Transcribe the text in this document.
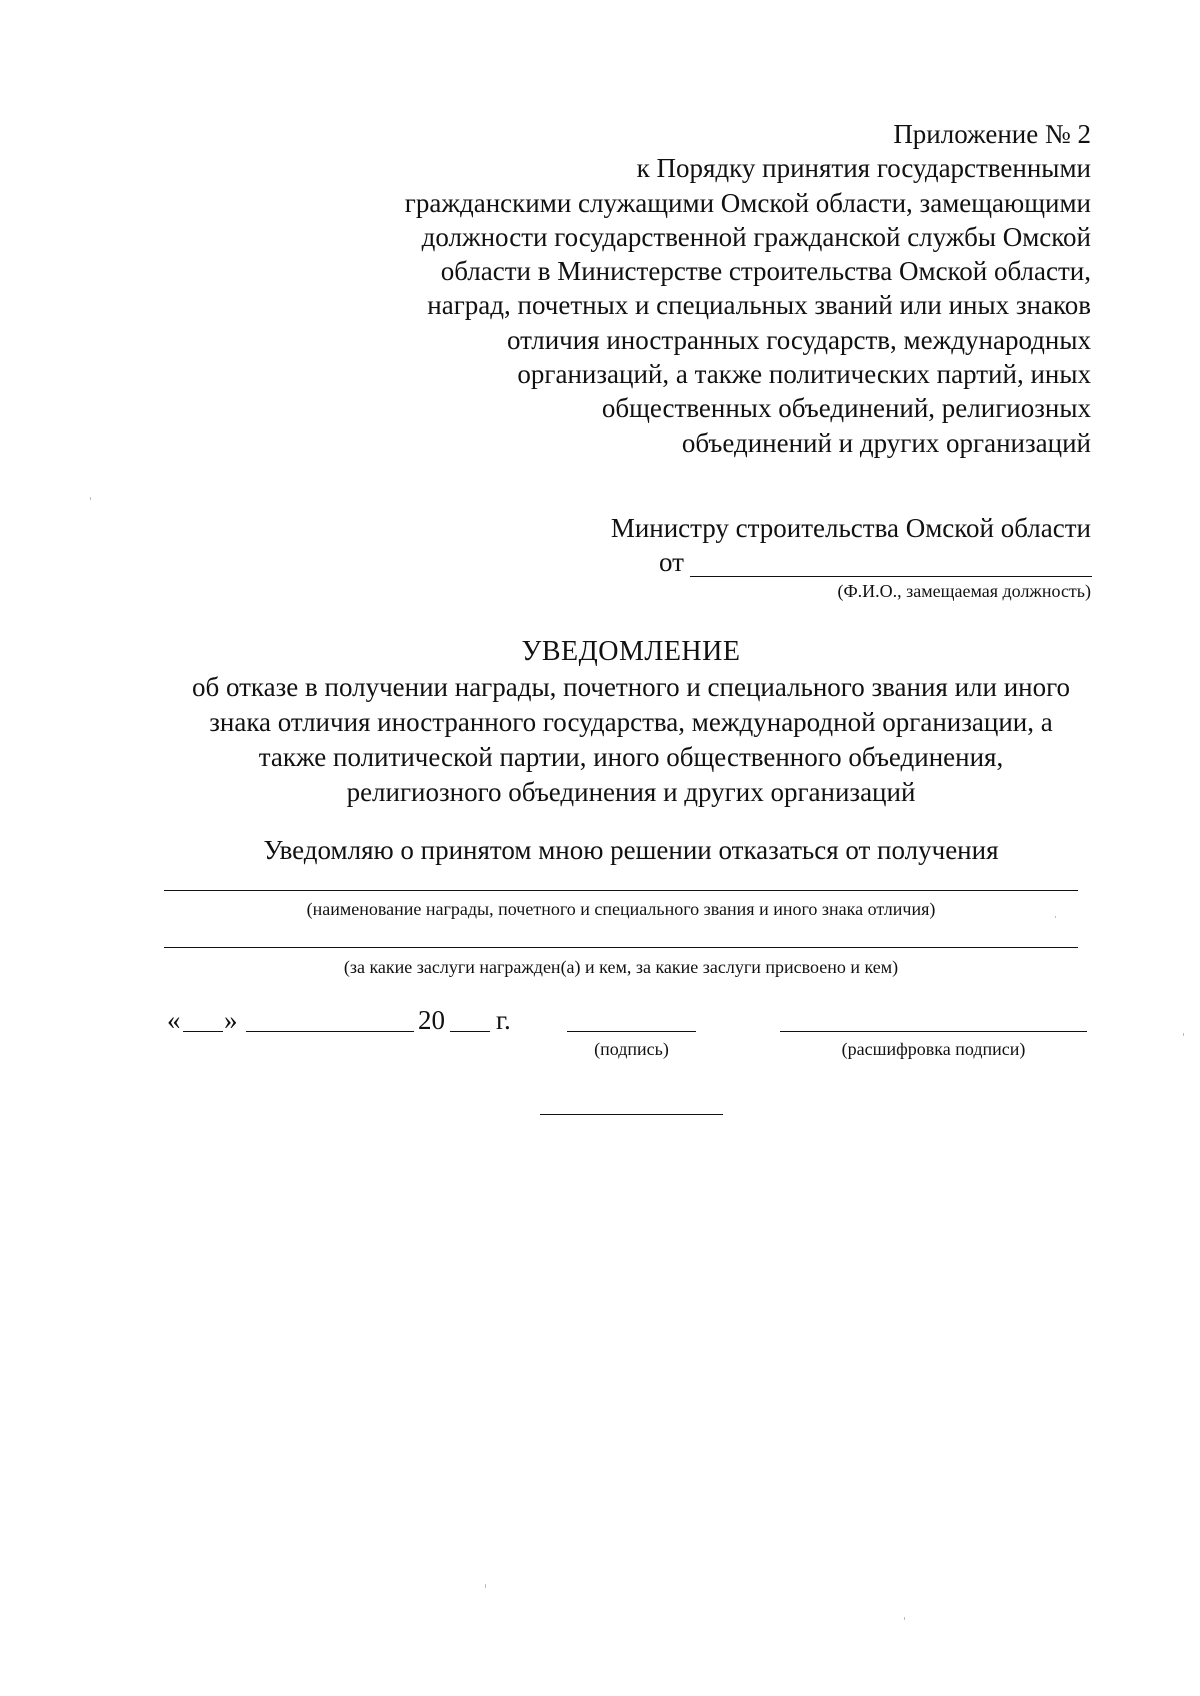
Приложение № 2
к Порядку принятия государственными
гражданскими служащими Омской области, замещающими
должности государственной гражданской службы Омской
области в Министерстве строительства Омской области,
наград, почетных и специальных званий или иных знаков
отличия иностранных государств, международных
организаций, а также политических партий, иных
общественных объединений, религиозных
объединений и других организаций
Министру строительства Омской области
от
(Ф.И.О., замещаемая должность)
УВЕДОМЛЕНИЕ
об отказе в получении награды, почетного и специального звания или иного
знака отличия иностранного государства, международной организации, а
также политической партии, иного общественного объединения,
религиозного объединения и других организаций
Уведомляю о принятом мною решении отказаться от получения
(наименование награды, почетного и специального звания и иного знака отличия)
(за какие заслуги награжден(а) и кем, за какие заслуги присвоено и кем)
« »	20 г.
(подпись)	(расшифровка подписи)
